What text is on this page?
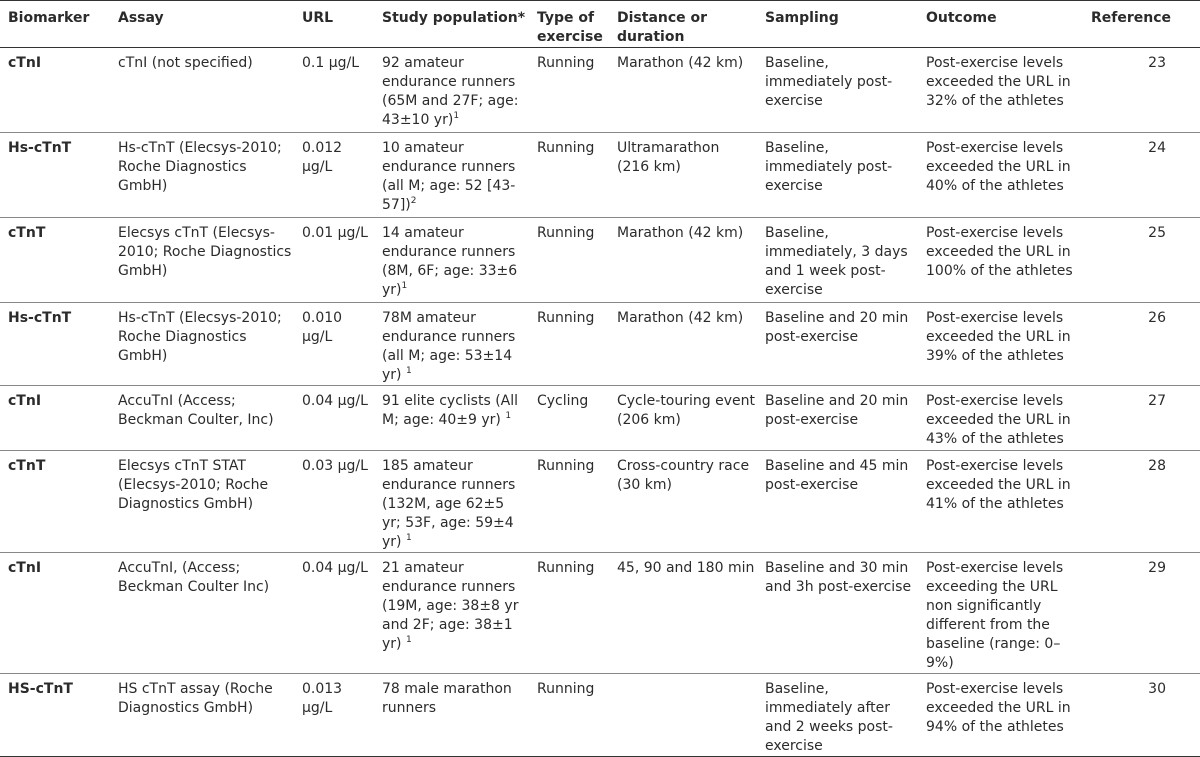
Biomarker	Assay	URL	Study population*	Type of exercise	Distance or duration	Sampling	Outcome	Reference
cTnI	cTnI (not specified)	0.1 µg/L	92 amateur endurance runners (65M and 27F; age: 43±10 yr)$^1$	Running	Marathon (42 km)	Baseline, immediately post-exercise	Post-exercise levels exceeded the URL in 32% of the athletes	23
Hs-cTnT	Hs-cTnT (Elecsys-2010; Roche Diagnostics GmbH)	0.012 µg/L	10 amateur endurance runners (all M; age: 52 [43-57])$^2$	Running	Ultramarathon (216 km)	Baseline, immediately post-exercise	Post-exercise levels exceeded the URL in 40% of the athletes	24
cTnT	Elecsys cTnT (Elecsys-2010; Roche Diagnostics GmbH)	0.01 µg/L	14 amateur endurance runners (8M, 6F; age: 33±6 yr)$^1$	Running	Marathon (42 km)	Baseline, immediately, 3 days and 1 week post-exercise	Post-exercise levels exceeded the URL in 100% of the athletes	25
Hs-cTnT	Hs-cTnT (Elecsys-2010; Roche Diagnostics GmbH)	0.010 µg/L	78M amateur endurance runners (all M; age: 53±14 yr) $^1$	Running	Marathon (42 km)	Baseline and 20 min post-exercise	Post-exercise levels exceeded the URL in 39% of the athletes	26
cTnI	AccuTnI (Access; Beckman Coulter, Inc)	0.04 µg/L	91 elite cyclists (All M; age: 40±9 yr) $^1$	Cycling	Cycle-touring event (206 km)	Baseline and 20 min post-exercise	Post-exercise levels exceeded the URL in 43% of the athletes	27
cTnT	Elecsys cTnT STAT (Elecsys-2010; Roche Diagnostics GmbH)	0.03 µg/L	185 amateur endurance runners (132M, age 62±5 yr; 53F, age: 59±4 yr) $^1$	Running	Cross-country race (30 km)	Baseline and 45 min post-exercise	Post-exercise levels exceeded the URL in 41% of the athletes	28
cTnI	AccuTnI, (Access; Beckman Coulter Inc)	0.04 µg/L	21 amateur endurance runners (19M, age: 38±8 yr and 2F; age: 38±1 yr) $^1$	Running	45, 90 and 180 min	Baseline and 30 min and 3h post-exercise	Post-exercise levels exceeding the URL non significantly different from the baseline (range: 0–9%)	29
HS-cTnT	HS cTnT assay (Roche Diagnostics GmbH)	0.013 µg/L	78 male marathon runners	Running		Baseline, immediately after and 2 weeks post-exercise	Post-exercise levels exceeded the URL in 94% of the athletes	30
